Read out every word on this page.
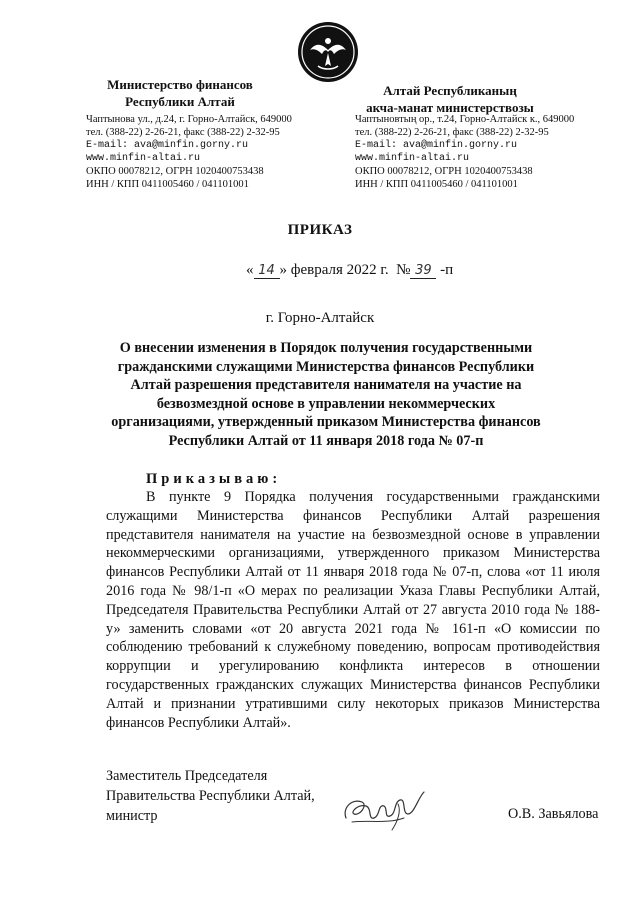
Министерство финансов
Республики Алтай
Алтай Республиканың
акча-манат министерствозы
Чаптынова ул., д.24, г. Горно-Алтайск, 649000
тел. (388-22) 2-26-21, факс (388-22) 2-32-95
E-mail: ava@minfin.gorny.ru
www.minfin-altai.ru
ОКПО 00078212, ОГРН 1020400753438
ИНН / КПП 0411005460 / 041101001
Чаптыновтың ор., т.24, Горно-Алтайск к., 649000
тел. (388-22) 2-26-21, факс (388-22) 2-32-95
E-mail: ava@minfin.gorny.ru
www.minfin-altai.ru
ОКПО 00078212, ОГРН 1020400753438
ИНН / КПП 0411005460 / 041101001
ПРИКАЗ
« 14 » февраля 2022 г. № 39 -п
г. Горно-Алтайск
О внесении изменения в Порядок получения государственными гражданскими служащими Министерства финансов Республики Алтай разрешения представителя нанимателя на участие на безвозмездной основе в управлении некоммерческих организациями, утвержденный приказом Министерства финансов Республики Алтай от 11 января 2018 года № 07-п
Приказываю:
В пункте 9 Порядка получения государственными гражданскими служащими Министерства финансов Республики Алтай разрешения представителя нанимателя на участие на безвозмездной основе в управлении некоммерческими организациями, утвержденного приказом Министерства финансов Республики Алтай от 11 января 2018 года № 07-п, слова «от 11 июля 2016 года № 98/1-п «О мерах по реализации Указа Главы Республики Алтай, Председателя Правительства Республики Алтай от 27 августа 2010 года № 188-у» заменить словами «от 20 августа 2021 года № 161-п «О комиссии по соблюдению требований к служебному поведению, вопросам противодействия коррупции и урегулированию конфликта интересов в отношении государственных гражданских служащих Министерства финансов Республики Алтай и признании утратившими силу некоторых приказов Министерства финансов Республики Алтай».
Заместитель Председателя
Правительства Республики Алтай,
министр	О.В. Завьялова
